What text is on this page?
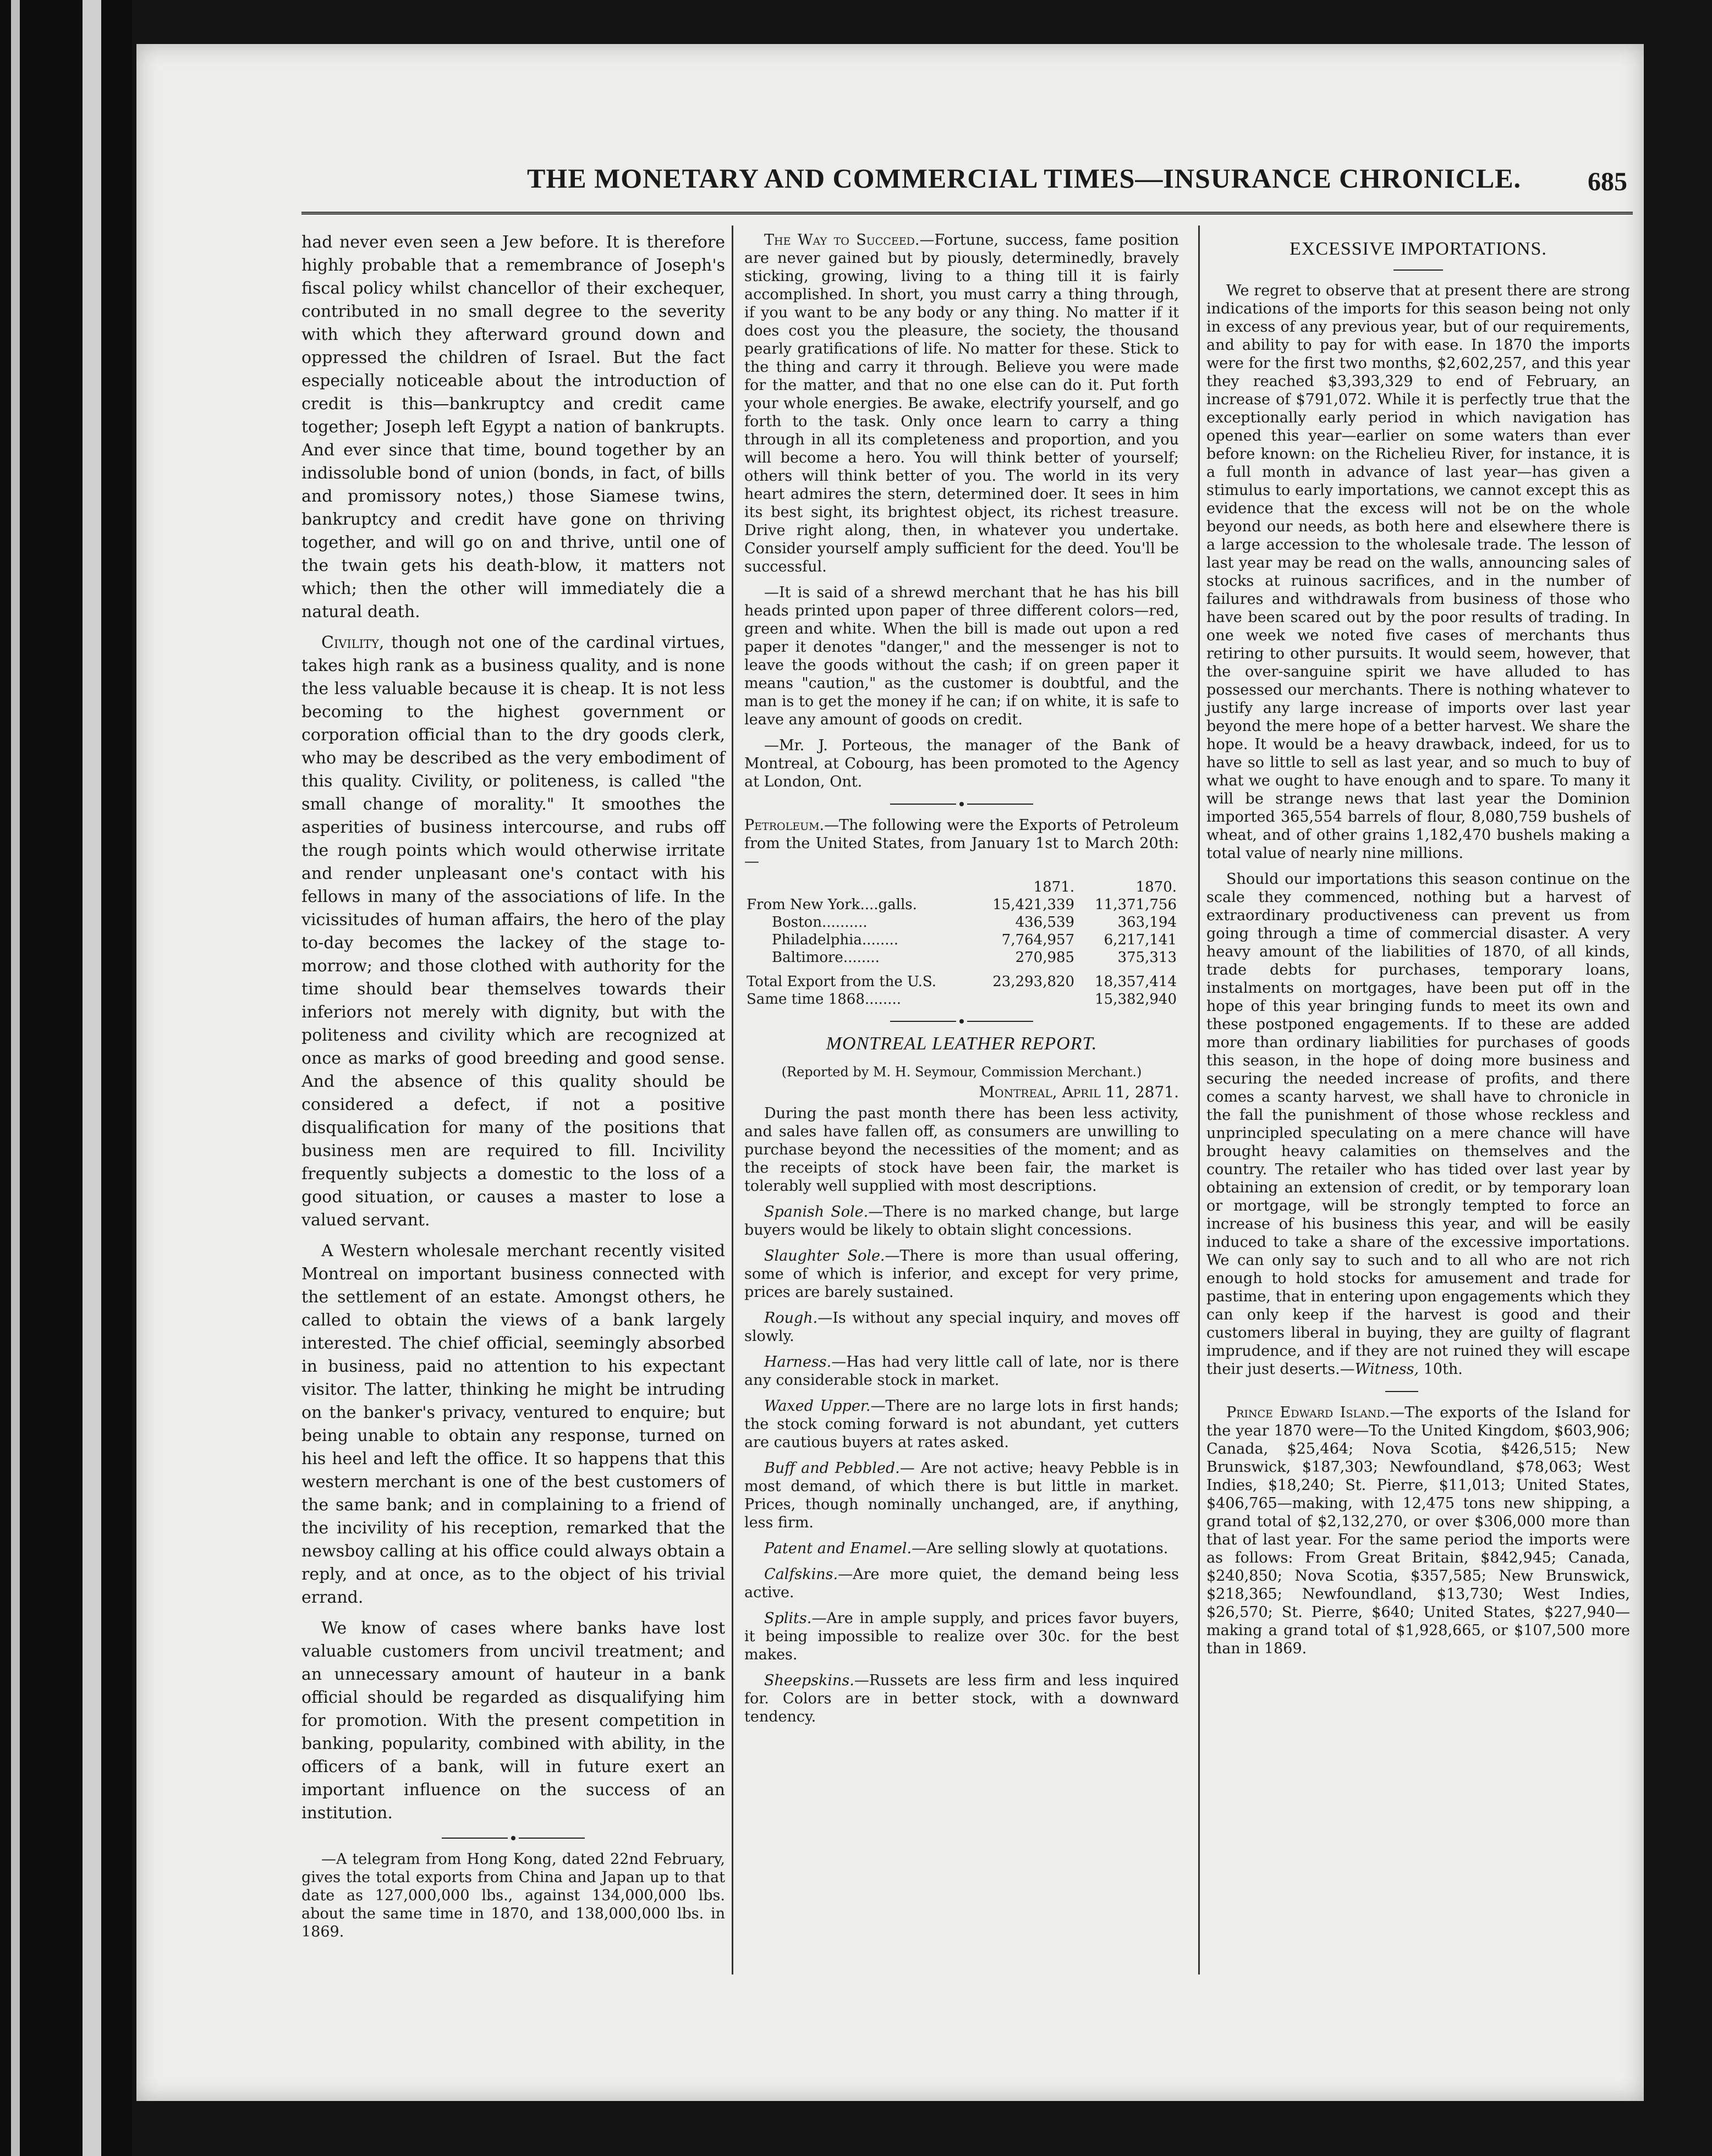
THE MONETARY AND COMMERCIAL TIMES—INSURANCE CHRONICLE.	685

had never even seen a Jew before. It is therefore highly probable that a remembrance of Joseph's fiscal policy whilst chancellor of their exchequer, contributed in no small degree to the severity with which they afterward ground down and oppressed the children of Israel. But the fact especially noticeable about the introduction of credit is this—bankruptcy and credit came together; Joseph left Egypt a nation of bankrupts. And ever since that time, bound together by an indissoluble bond of union (bonds, in fact, of bills and promissory notes,) those Siamese twins, bankruptcy and credit have gone on thriving together, and will go on and thrive, until one of the twain gets his death-blow, it matters not which; then the other will immediately die a natural death.

Civility, though not one of the cardinal virtues, takes high rank as a business quality, and is none the less valuable because it is cheap. It is not less becoming to the highest government or corporation official than to the dry goods clerk, who may be described as the very embodiment of this quality. Civility, or politeness, is called "the small change of morality." It smoothes the asperities of business intercourse, and rubs off the rough points which would otherwise irritate and render unpleasant one's contact with his fellows in many of the associations of life. In the vicissitudes of human affairs, the hero of the play to-day becomes the lackey of the stage to-morrow; and those clothed with authority for the time should bear themselves towards their inferiors not merely with dignity, but with the politeness and civility which are recognized at once as marks of good breeding and good sense. And the absence of this quality should be considered a defect, if not a positive disqualification for many of the positions that business men are required to fill. Incivility frequently subjects a domestic to the loss of a good situation, or causes a master to lose a valued servant.

A Western wholesale merchant recently visited Montreal on important business connected with the settlement of an estate. Amongst others, he called to obtain the views of a bank largely interested. The chief official, seemingly absorbed in business, paid no attention to his expectant visitor. The latter, thinking he might be intruding on the banker's privacy, ventured to enquire; but being unable to obtain any response, turned on his heel and left the office. It so happens that this western merchant is one of the best customers of the same bank; and in complaining to a friend of the incivility of his reception, remarked that the newsboy calling at his office could always obtain a reply, and at once, as to the object of his trivial errand.

We know of cases where banks have lost valuable customers from uncivil treatment; and an unnecessary amount of hauteur in a bank official should be regarded as disqualifying him for promotion. With the present competition in banking, popularity, combined with ability, in the officers of a bank, will in future exert an important influence on the success of an institution.

—A telegram from Hong Kong, dated 22nd February, gives the total exports from China and Japan up to that date as 127,000,000 lbs., against 134,000,000 lbs. about the same time in 1870, and 138,000,000 lbs. in 1869.

The Way to Succeed.—Fortune, success, fame position are never gained but by piously, determinedly, bravely sticking, growing, living to a thing till it is fairly accomplished. In short, you must carry a thing through, if you want to be any body or any thing. No matter if it does cost you the pleasure, the society, the thousand pearly gratifications of life. No matter for these. Stick to the thing and carry it through. Believe you were made for the matter, and that no one else can do it. Put forth your whole energies. Be awake, electrify yourself, and go forth to the task. Only once learn to carry a thing through in all its completeness and proportion, and you will become a hero. You will think better of yourself; others will think better of you. The world in its very heart admires the stern, determined doer. It sees in him its best sight, its brightest object, its richest treasure. Drive right along, then, in whatever you undertake. Consider yourself amply sufficient for the deed. You'll be successful.

—It is said of a shrewd merchant that he has his bill heads printed upon paper of three different colors—red, green and white. When the bill is made out upon a red paper it denotes "danger," and the messenger is not to leave the goods without the cash; if on green paper it means "caution," as the customer is doubtful, and the man is to get the money if he can; if on white, it is safe to leave any amount of goods on credit.

—Mr. J. Porteous, the manager of the Bank of Montreal, at Cobourg, has been promoted to the Agency at London, Ont.

Petroleum.—The following were the Exports of Petroleum from the United States, from January 1st to March 20th:—

	1871.	1870.
From New York....galls.	15,421,339	11,371,756
Boston..........	436,539	363,194
Philadelphia........	7,764,957	6,217,141
Baltimore........	270,985	375,313
Total Export from the U.S.	23,293,820	18,357,414
Same time 1868........		15,382,940
MONTREAL LEATHER REPORT.
(Reported by M. H. Seymour, Commission Merchant.)
Montreal, April 11, 2871.

During the past month there has been less activity, and sales have fallen off, as consumers are unwilling to purchase beyond the necessities of the moment; and as the receipts of stock have been fair, the market is tolerably well supplied with most descriptions.

Spanish Sole.—There is no marked change, but large buyers would be likely to obtain slight concessions.

Slaughter Sole.—There is more than usual offering, some of which is inferior, and except for very prime, prices are barely sustained.

Rough.—Is without any special inquiry, and moves off slowly.

Harness.—Has had very little call of late, nor is there any considerable stock in market.

Waxed Upper.—There are no large lots in first hands; the stock coming forward is not abundant, yet cutters are cautious buyers at rates asked.

Buff and Pebbled.— Are not active; heavy Pebble is in most demand, of which there is but little in market. Prices, though nominally unchanged, are, if anything, less firm.

Patent and Enamel.—Are selling slowly at quotations.

Calfskins.—Are more quiet, the demand being less active.

Splits.—Are in ample supply, and prices favor buyers, it being impossible to realize over 30c. for the best makes.

Sheepskins.—Russets are less firm and less inquired for. Colors are in better stock, with a downward tendency.

EXCESSIVE IMPORTATIONS.

We regret to observe that at present there are strong indications of the imports for this season being not only in excess of any previous year, but of our requirements, and ability to pay for with ease. In 1870 the imports were for the first two months, $2,602,257, and this year they reached $3,393,329 to end of February, an increase of $791,072. While it is perfectly true that the exceptionally early period in which navigation has opened this year—earlier on some waters than ever before known: on the Richelieu River, for instance, it is a full month in advance of last year—has given a stimulus to early importations, we cannot except this as evidence that the excess will not be on the whole beyond our needs, as both here and elsewhere there is a large accession to the wholesale trade. The lesson of last year may be read on the walls, announcing sales of stocks at ruinous sacrifices, and in the number of failures and withdrawals from business of those who have been scared out by the poor results of trading. In one week we noted five cases of merchants thus retiring to other pursuits. It would seem, however, that the over-sanguine spirit we have alluded to has possessed our merchants. There is nothing whatever to justify any large increase of imports over last year beyond the mere hope of a better harvest. We share the hope. It would be a heavy drawback, indeed, for us to have so little to sell as last year, and so much to buy of what we ought to have enough and to spare. To many it will be strange news that last year the Dominion imported 365,554 barrels of flour, 8,080,759 bushels of wheat, and of other grains 1,182,470 bushels making a total value of nearly nine millions.

Should our importations this season continue on the scale they commenced, nothing but a harvest of extraordinary productiveness can prevent us from going through a time of commercial disaster. A very heavy amount of the liabilities of 1870, of all kinds, trade debts for purchases, temporary loans, instalments on mortgages, have been put off in the hope of this year bringing funds to meet its own and these postponed engagements. If to these are added more than ordinary liabilities for purchases of goods this season, in the hope of doing more business and securing the needed increase of profits, and there comes a scanty harvest, we shall have to chronicle in the fall the punishment of those whose reckless and unprincipled speculating on a mere chance will have brought heavy calamities on themselves and the country. The retailer who has tided over last year by obtaining an extension of credit, or by temporary loan or mortgage, will be strongly tempted to force an increase of his business this year, and will be easily induced to take a share of the excessive importations. We can only say to such and to all who are not rich enough to hold stocks for amusement and trade for pastime, that in entering upon engagements which they can only keep if the harvest is good and their customers liberal in buying, they are guilty of flagrant imprudence, and if they are not ruined they will escape their just deserts.—Witness, 10th.

Prince Edward Island.—The exports of the Island for the year 1870 were—To the United Kingdom, $603,906; Canada, $25,464; Nova Scotia, $426,515; New Brunswick, $187,303; Newfoundland, $78,063; West Indies, $18,240; St. Pierre, $11,013; United States, $406,765—making, with 12,475 tons new shipping, a grand total of $2,132,270, or over $306,000 more than that of last year. For the same period the imports were as follows: From Great Britain, $842,945; Canada, $240,850; Nova Scotia, $357,585; New Brunswick, $218,365; Newfoundland, $13,730; West Indies, $26,570; St. Pierre, $640; United States, $227,940—making a grand total of $1,928,665, or $107,500 more than in 1869.
